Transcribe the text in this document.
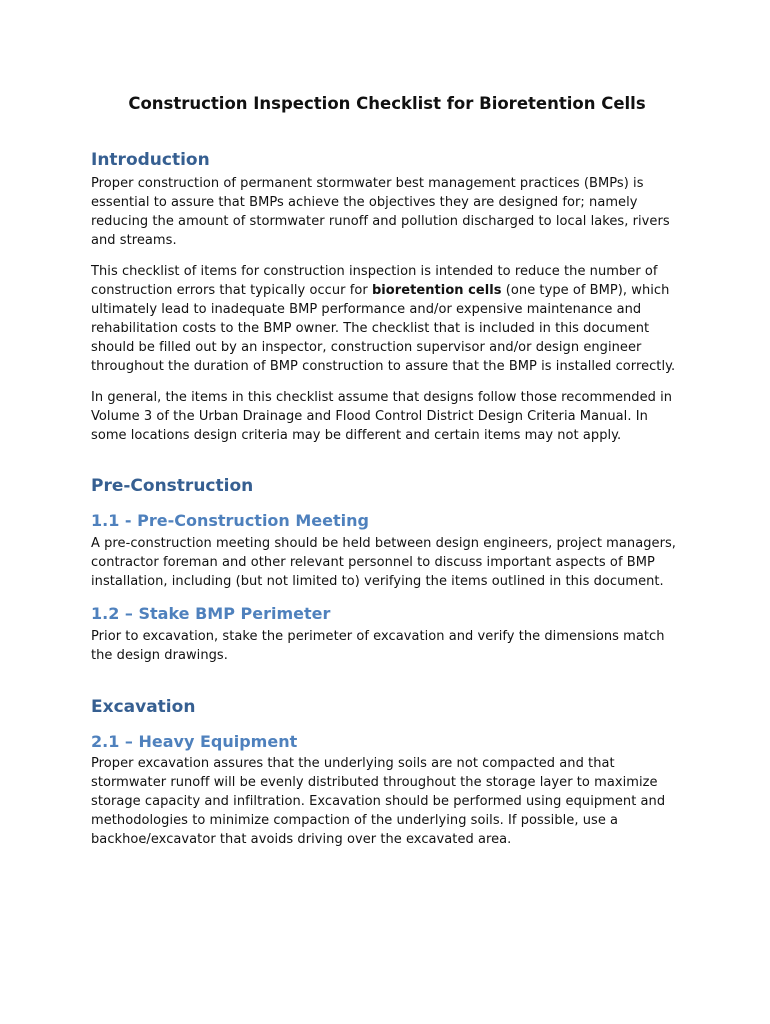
Construction Inspection Checklist for Bioretention Cells
Introduction

Proper construction of permanent stormwater best management practices (BMPs) is essential to assure that BMPs achieve the objectives they are designed for; namely reducing the amount of stormwater runoff and pollution discharged to local lakes, rivers and streams.

This checklist of items for construction inspection is intended to reduce the number of construction errors that typically occur for bioretention cells (one type of BMP), which ultimately lead to inadequate BMP performance and/or expensive maintenance and rehabilitation costs to the BMP owner. The checklist that is included in this document should be filled out by an inspector, construction supervisor and/or design engineer throughout the duration of BMP construction to assure that the BMP is installed correctly.

In general, the items in this checklist assume that designs follow those recommended in Volume 3 of the Urban Drainage and Flood Control District Design Criteria Manual. In some locations design criteria may be different and certain items may not apply.

Pre-Construction
1.1 - Pre-Construction Meeting

A pre-construction meeting should be held between design engineers, project managers, contractor foreman and other relevant personnel to discuss important aspects of BMP installation, including (but not limited to) verifying the items outlined in this document.

1.2 – Stake BMP Perimeter

Prior to excavation, stake the perimeter of excavation and verify the dimensions match the design drawings.

Excavation
2.1 – Heavy Equipment

Proper excavation assures that the underlying soils are not compacted and that stormwater runoff will be evenly distributed throughout the storage layer to maximize storage capacity and infiltration. Excavation should be performed using equipment and methodologies to minimize compaction of the underlying soils. If possible, use a backhoe/excavator that avoids driving over the excavated area.
